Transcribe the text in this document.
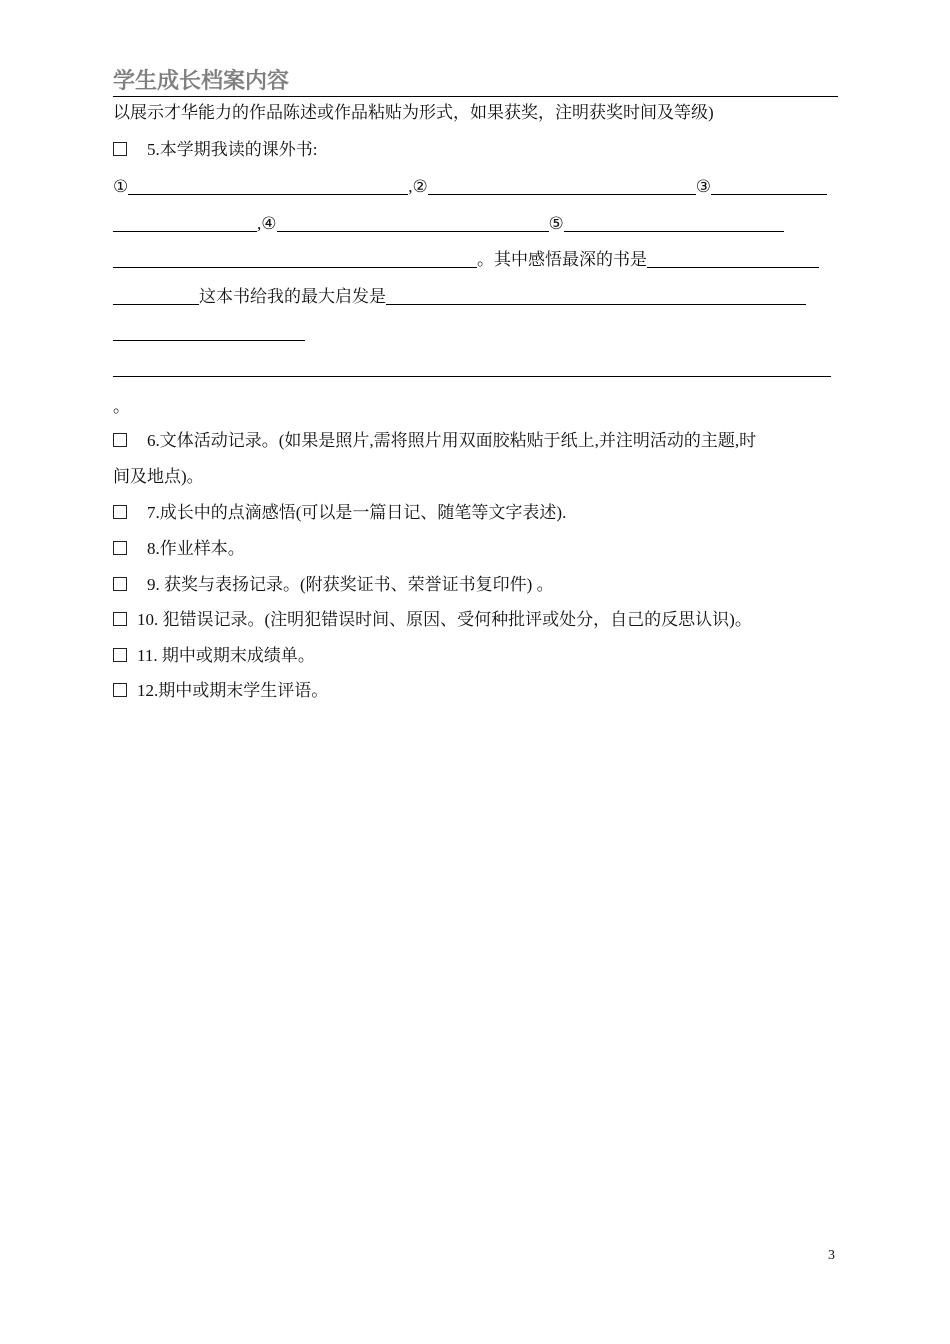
学生成长档案内容
以展示才华能力的作品陈述或作品粘贴为形式，如果获奖，注明获奖时间及等级)
5.本学期我读的课外书:
①	,②	③
,④	⑤
。其中感悟最深的书是
这本书给我的最大启发是
。
6.文体活动记录。(如果是照片,需将照片用双面胶粘贴于纸上,并注明活动的主题,时
间及地点)。
7.成长中的点滴感悟(可以是一篇日记、随笔等文字表述).
8.作业样本。
9. 获奖与表扬记录。(附获奖证书、荣誉证书复印件) 。
10. 犯错误记录。(注明犯错误时间、原因、受何种批评或处分，自己的反思认识)。
11. 期中或期末成绩单。
12.期中或期末学生评语。
3
